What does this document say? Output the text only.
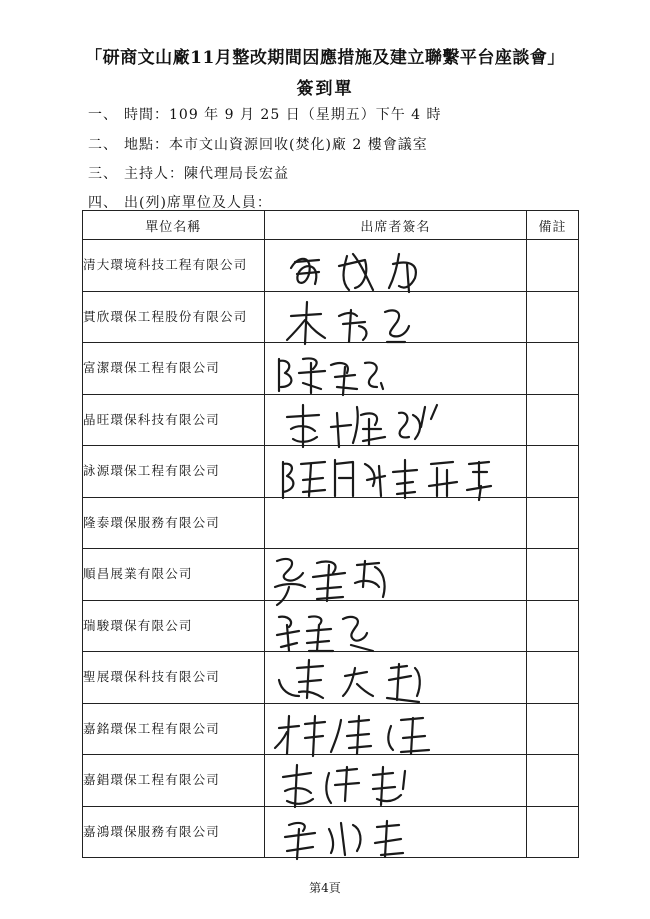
「研商文山廠11月整改期間因應措施及建立聯繫平台座談會」
簽到單
一、 時間：109 年 9 月 25 日（星期五）下午 4 時
二、 地點：本市文山資源回收(焚化)廠 2 樓會議室
三、 主持人：陳代理局長宏益
四、 出(列)席單位及人員：
單位名稱	出席者簽名	備註
清大環境科技工程有限公司	

貫欣環保工程股份有限公司	

富潔環保工程有限公司	

晶旺環保科技有限公司	

詠源環保工程有限公司	

隆泰環保服務有限公司		
順昌展業有限公司	

瑞駿環保有限公司	

聖展環保科技有限公司	

嘉銘環保工程有限公司	

嘉錩環保工程有限公司	

嘉鴻環保服務有限公司	

第4頁
